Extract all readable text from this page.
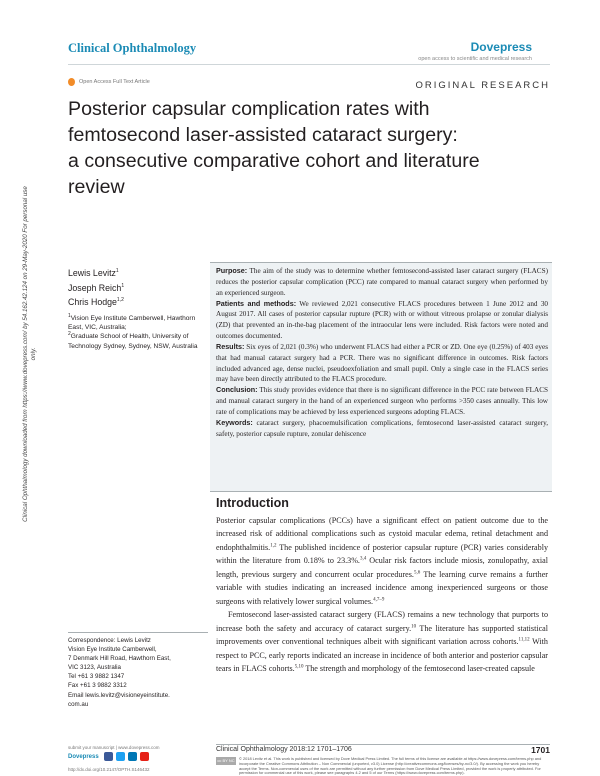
Clinical Ophthalmology	Dovepress
open access to scientific and medical research
Open Access Full Text Article	ORIGINAL RESEARCH
Posterior capsular complication rates with
femtosecond laser-assisted cataract surgery:
a consecutive comparative cohort and literature
review
Clinical Ophthalmology downloaded from https://www.dovepress.com/ by 54.162.42.124 on 29-May-2020 For personal use only.
Lewis Levitz$^1$
Joseph Reich$^1$
Chris Hodge$^{1,2}$
$^1$Vision Eye Institute Camberwell, Hawthorn East, VIC, Australia;
$^2$Graduate School of Health, University of Technology Sydney, Sydney, NSW, Australia

Purpose: The aim of the study was to determine whether femtosecond-assisted laser cataract surgery (FLACS) reduces the posterior capsular complication (PCC) rate compared to manual cataract surgery when performed by an experienced surgeon.

Patients and methods: We reviewed 2,021 consecutive FLACS procedures between 1 June 2012 and 30 August 2017. All cases of posterior capsular rupture (PCR) with or without vitreous prolapse or zonular dialysis (ZD) that prevented an in-the-bag placement of the intraocular lens were included. Risk factors were noted and outcomes documented.

Results: Six eyes of 2,021 (0.3%) who underwent FLACS had either a PCR or ZD. One eye (0.25%) of 403 eyes that had manual cataract surgery had a PCR. There was no significant difference in outcomes. Risk factors included advanced age, dense nuclei, pseudoexfoliation and small pupil. Only a single case in the FLACS series may have been directly attributed to the FLACS procedure.

Conclusion: This study provides evidence that there is no significant difference in the PCC rate between FLACS and manual cataract surgery in the hand of an experienced surgeon who performs >350 cases annually. This low rate of complications may be achieved by less experienced surgeons adopting FLACS.

Keywords: cataract surgery, phacoemulsification complications, femtosecond laser-assisted cataract surgery, safety, posterior capsule rupture, zonular dehiscence

Introduction

Posterior capsular complications (PCCs) have a significant effect on patient outcome due to the increased risk of additional complications such as cystoid macular edema, retinal detachment and endophthalmitis.$^{1,2}$ The published incidence of posterior capsular rupture (PCR) varies considerably within the literature from 0.18% to 23.3%.$^{3,4}$ Ocular risk factors include miosis, zonulopathy, axial length, previous surgery and concurrent ocular procedures.$^{5,6}$ The learning curve remains a further variable with studies indicating an increased incidence among inexperienced surgeons or those surgeons with relatively lower surgical volumes.$^{4,7-9}$

Femtosecond laser-assisted cataract surgery (FLACS) remains a new technology that purports to increase both the safety and accuracy of cataract surgery.$^{10}$ The literature has supported statistical improvements over conventional techniques albeit with significant variation across cohorts.$^{11,12}$ With respect to PCC, early reports indicated an increase in incidence of both anterior and posterior capsular tears in FLACS cohorts.$^{5,10}$ The strength and morphology of the femtosecond laser-created capsule

Correspondence: Lewis Levitz
Vision Eye Institute Camberwell,
7 Denmark Hill Road, Hawthorn East,
VIC 3123, Australia
Tel +61 3 9882 1347
Fax +61 3 9882 3312
Email lewis.levitz@visioneyeinstitute.
com.au
submit your manuscript | www.dovepress.com
Dovepress
http://dx.doi.org/10.2147/OPTH.S146432
Clinical Ophthalmology 2018:12 1701–1706	1701
cc BY NC	© 2018 Levitz et al. This work is published and licensed by Dove Medical Press Limited. The full terms of this license are available at https://www.dovepress.com/terms.php and incorporate the Creative Commons Attribution – Non Commercial (unported, v3.0) License (http://creativecommons.org/licenses/by-nc/3.0/). By accessing the work you hereby accept the Terms. Non-commercial uses of the work are permitted without any further permission from Dove Medical Press Limited, provided the work is properly attributed. For permission for commercial use of this work, please see paragraphs 4.2 and 5 of our Terms (https://www.dovepress.com/terms.php).
